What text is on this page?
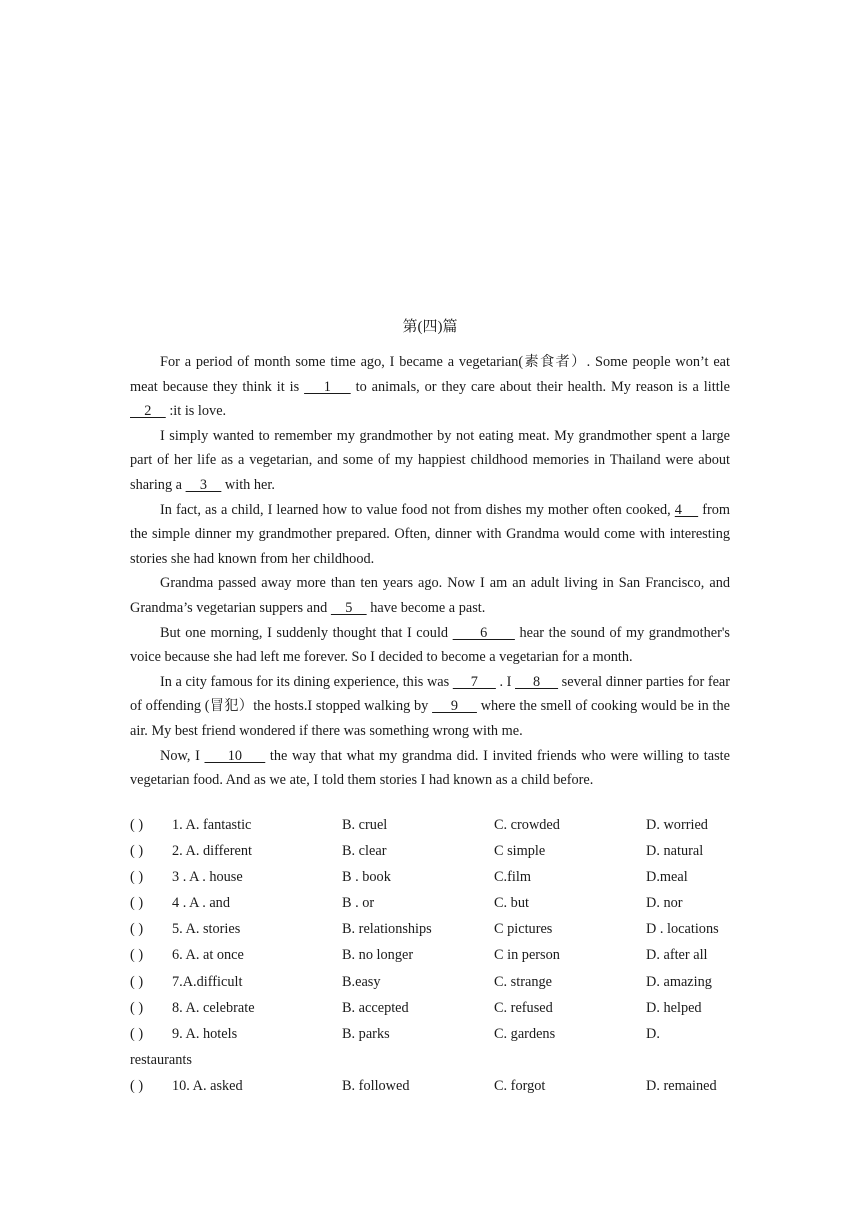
第(四)篇

For a period of month some time ago, I became a vegetarian(素食者）. Some people won’t eat meat because they think it is     1     to animals, or they care about their health. My reason is a little     2     :it is love.

I simply wanted to remember my grandmother by not eating meat. My grandmother spent a large part of her life as a vegetarian, and some of my happiest childhood memories in Thailand were about sharing a     3     with her.

In fact, as a child, I learned how to value food not from dishes my mother often cooked, 4     from the simple dinner my grandmother prepared. Often, dinner with Grandma would come with interesting stories she had known from her childhood.

Grandma passed away more than ten years ago. Now I am an adult living in San Francisco, and Grandma’s vegetarian suppers and     5     have become a past.

But one morning, I suddenly thought that I could       6       hear the sound of my grandmother's voice because she had left me forever. So I decided to become a vegetarian for a month.

In a city famous for its dining experience, this was      7      . I      8      several dinner parties for fear of offending (冒犯）the hosts.I stopped walking by      9      where the smell of cooking would be in the air. My best friend wondered if there was something wrong with me.

Now, I      10      the way that what my grandma did. I invited friends who were willing to taste vegetarian food. And as we ate, I told them stories I had known as a child before.

( ) 1. A. fantastic	B. cruel	C. crowded	D. worried
( ) 2. A. different	B. clear	C simple	D. natural
( ) 3 . A . house	B . book	C.film	D.meal
( ) 4 . A . and	B . or	C. but	D. nor
( ) 5. A. stories	B. relationships	C pictures	D . locations
( ) 6. A. at once	B. no longer	C in person	D. after all
( ) 7.A.difficult	B.easy	C. strange	D. amazing
( ) 8. A. celebrate	B. accepted	C. refused	D. helped
( ) 9. A. hotels	B. parks	C. gardens	D.
restaurants
( ) 10. A. asked	B. followed	C. forgot	D. remained
